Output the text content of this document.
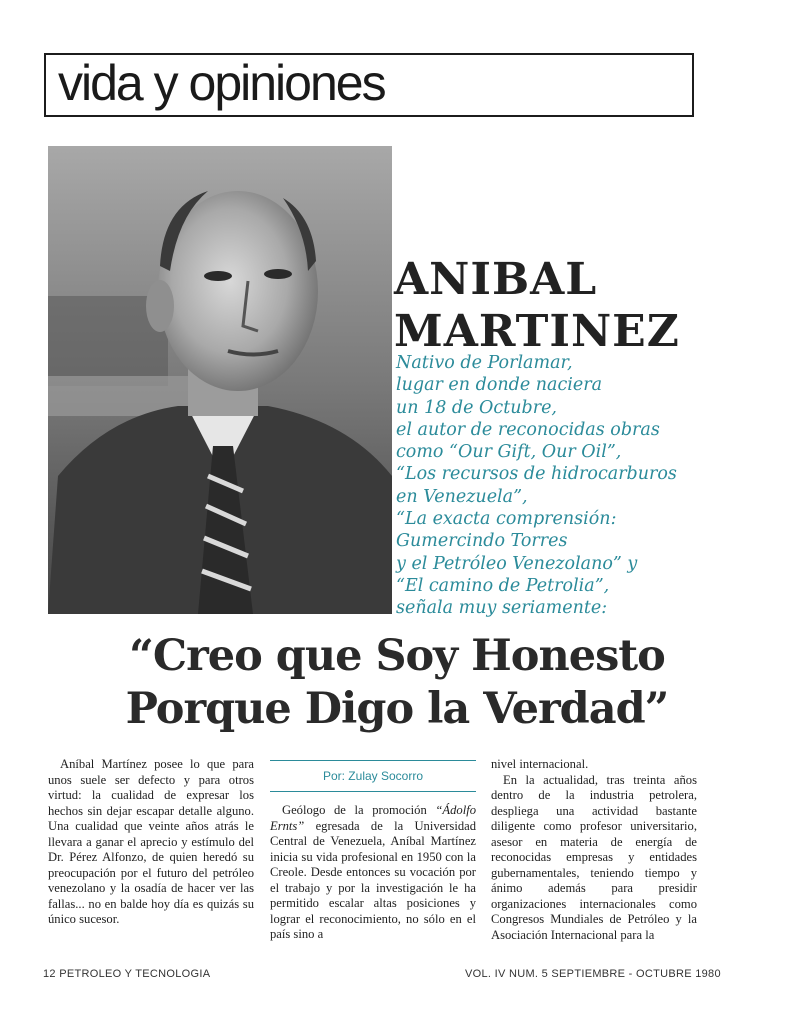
vida y opiniones
ANIBAL
MARTINEZ
Nativo de Porlamar,
lugar en donde naciera
un 18 de Octubre,
el autor de reconocidas obras
como “Our Gift, Our Oil”,
“Los recursos de hidrocarburos
en Venezuela”,
“La exacta comprensión:
Gumercindo Torres
y el Petróleo Venezolano” y
“El camino de Petrolia”,
señala muy seriamente:
“Creo que Soy Honesto
Porque Digo la Verdad”

Aníbal Martínez posee lo que para unos suele ser defecto y para otros virtud: la cualidad de expresar los hechos sin dejar escapar detalle alguno. Una cualidad que veinte años atrás le llevara a ganar el aprecio y estímulo del Dr. Pérez Alfonzo, de quien heredó su preocupación por el futuro del petróleo venezolano y la osadía de hacer ver las fallas... no en balde hoy día es quizás su único sucesor.

Por: Zulay Socorro

Geólogo de la promoción “Ádolfo Ernts” egresada de la Universidad Central de Venezuela, Aníbal Martínez inicia su vida profesional en 1950 con la Creole. Desde entonces su vocación por el trabajo y por la investigación le ha permitido escalar altas posiciones y lograr el reconocimiento, no sólo en el país sino a

nivel internacional.

En la actualidad, tras treinta años dentro de la industria petrolera, despliega una actividad bastante diligente como profesor universitario, asesor en materia de energía de reconocidas empresas y entidades gubernamentales, teniendo tiempo y ánimo además para presidir organizaciones internacionales como Congresos Mundiales de Petróleo y la Asociación Internacional para la

12 PETROLEO Y TECNOLOGIA	VOL. IV NUM. 5 SEPTIEMBRE - OCTUBRE 1980
